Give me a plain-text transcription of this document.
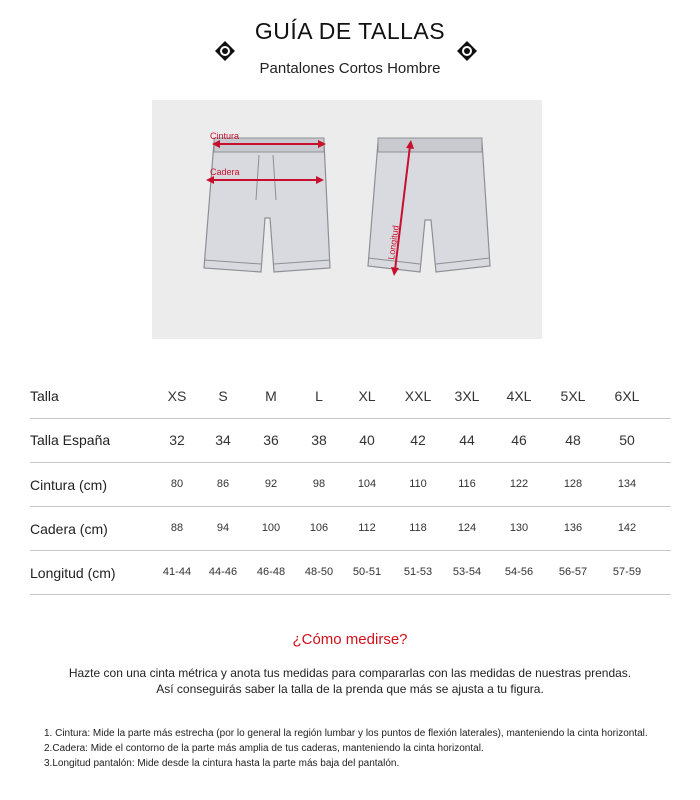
GUÍA DE TALLAS
Pantalones Cortos Hombre
Cintura
Cadera
Longitud
Talla	XS	S	M	L	XL	XXL	3XL	4XL	5XL	6XL
Talla España	32	34	36	38	40	42	44	46	48	50
Cintura (cm)	80	86	92	98	104	110	116	122	128	134
Cadera (cm)	88	94	100	106	112	118	124	130	136	142
Longitud (cm)	41-44	44-46	46-48	48-50	50-51	51-53	53-54	54-56	56-57	57-59
¿Cómo medirse?
Hazte con una cinta métrica y anota tus medidas para compararlas con las medidas de nuestras prendas.
Así conseguirás saber la talla de la prenda que más se ajusta a tu figura.
1. Cintura: Mide la parte más estrecha (por lo general la región lumbar y los puntos de flexión laterales), manteniendo la cinta horizontal.
2.Cadera: Mide el contorno de la parte más amplia de tus caderas, manteniendo la cinta horizontal.
3.Longitud pantalón: Mide desde la cintura hasta la parte más baja del pantalón.
